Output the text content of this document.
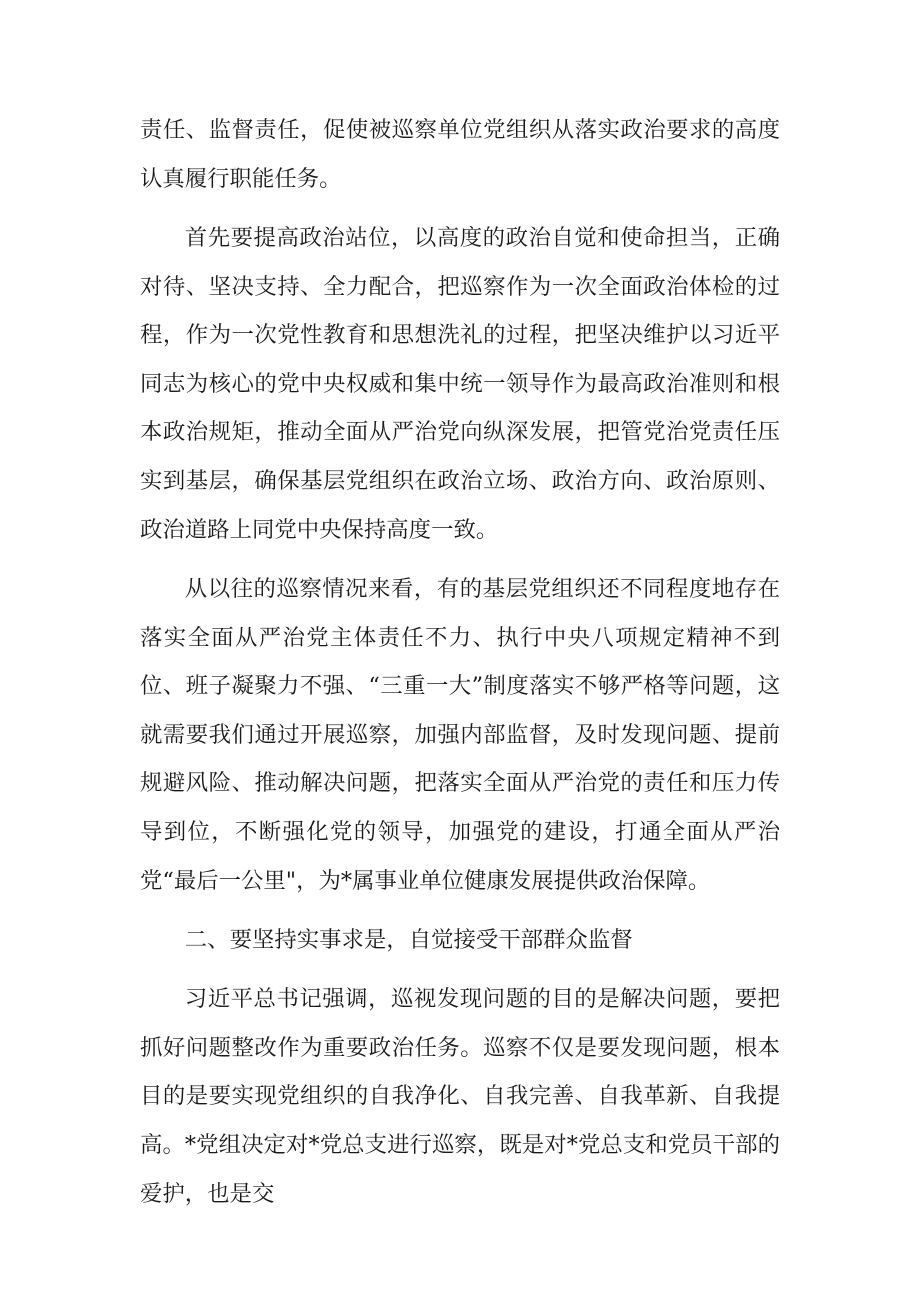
责任、监督责任，促使被巡察单位党组织从落实政治要求的高度认真履行职能任务。

首先要提高政治站位，以高度的政治自觉和使命担当，正确对待、坚决支持、全力配合，把巡察作为一次全面政治体检的过程，作为一次党性教育和思想洗礼的过程，把坚决维护以习近平同志为核心的党中央权威和集中统一领导作为最高政治准则和根本政治规矩，推动全面从严治党向纵深发展，把管党治党责任压实到基层，确保基层党组织在政治立场、政治方向、政治原则、政治道路上同党中央保持高度一致。

从以往的巡察情况来看，有的基层党组织还不同程度地存在落实全面从严治党主体责任不力、执行中央八项规定精神不到位、班子凝聚力不强、“三重一大”制度落实不够严格等问题，这就需要我们通过开展巡察，加强内部监督，及时发现问题、提前规避风险、推动解决问题，把落实全面从严治党的责任和压力传导到位，不断强化党的领导，加强党的建设，打通全面从严治党“最后一公里"，为*属事业单位健康发展提供政治保障。

二、要坚持实事求是，自觉接受干部群众监督

习近平总书记强调，巡视发现问题的目的是解决问题，要把抓好问题整改作为重要政治任务。巡察不仅是要发现问题，根本目的是要实现党组织的自我净化、自我完善、自我革新、自我提高。*党组决定对*党总支进行巡察，既是对*党总支和党员干部的爱护，也是交
